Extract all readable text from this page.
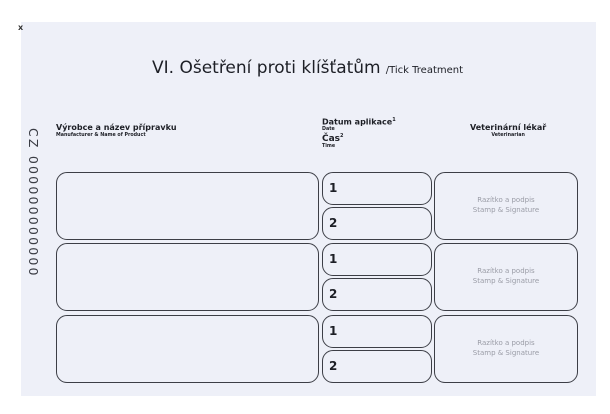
x
CZ 000000000000
VI. Ošetření proti klíšťatům /Tick Treatment
Výrobce a název přípravku
Manufacturer & Name of Product
Datum aplikace$^1$
Date
Čas$^2$
Time
Veterinární lékař
Veterinarian
1
2
Razítko a podpis
Stamp & Signature
1
2
Razítko a podpis
Stamp & Signature
1
2
Razítko a podpis
Stamp & Signature
